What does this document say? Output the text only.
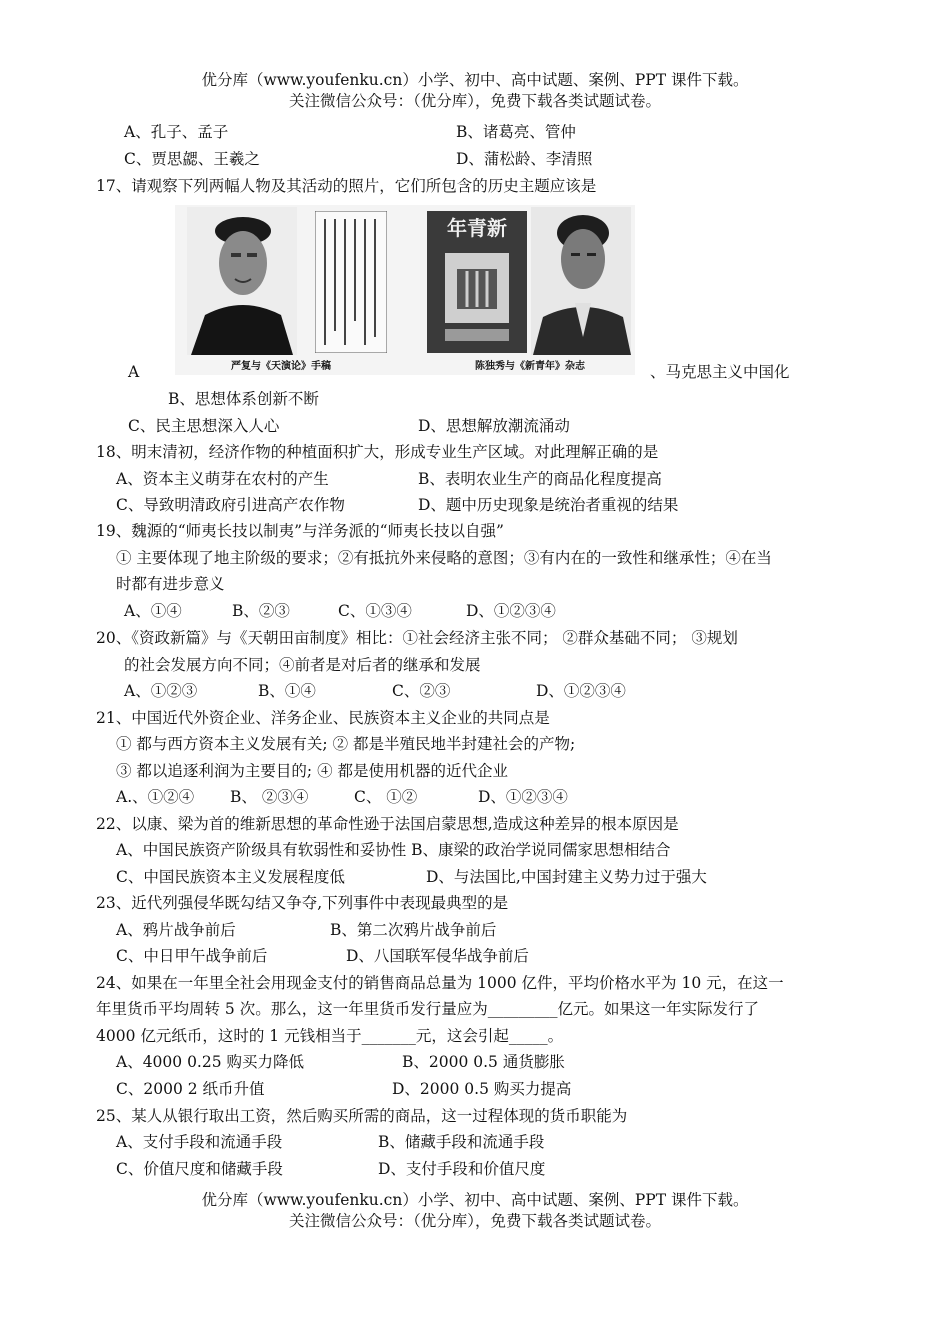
优分库（www.youfenku.cn）小学、初中、高中试题、案例、PPT 课件下载。
关注微信公众号：（优分库），免费下载各类试题试卷。
A、孔子、孟子	B、诸葛亮、管仲
C、贾思勰、王羲之	D、蒲松龄、李清照
17、请观察下列两幅人物及其活动的照片，它们所包含的历史主题应该是
年青新
严复与《天演论》手稿	陈独秀与《新青年》杂志
A	、马克思主义中国化
B、思想体系创新不断
C、民主思想深入人心	D、思想解放潮流涌动
18、明末清初，经济作物的种植面积扩大，形成专业生产区域。对此理解正确的是
A、资本主义萌芽在农村的产生	B、表明农业生产的商品化程度提高
C、导致明清政府引进高产农作物	D、题中历史现象是统治者重视的结果
19、魏源的“师夷长技以制夷”与洋务派的“师夷长技以自强”
① 主要体现了地主阶级的要求；②有抵抗外来侵略的意图；③有内在的一致性和继承性；④在当
时都有进步意义
A、①④	B、②③	C、①③④	D、①②③④
20、《资政新篇》与《天朝田亩制度》相比：①社会经济主张不同； ②群众基础不同； ③规划
的社会发展方向不同；④前者是对后者的继承和发展
A、①②③	B、①④	C、②③	D、①②③④
21、中国近代外资企业、洋务企业、民族资本主义企业的共同点是
① 都与西方资本主义发展有关; ② 都是半殖民地半封建社会的产物;
③ 都以追逐利润为主要目的; ④ 都是使用机器的近代企业
A.、①②④ B、 ②③④	C、 ①②	D、①②③④
22、以康、梁为首的维新思想的革命性逊于法国启蒙思想,造成这种差异的根本原因是
A、中国民族资产阶级具有软弱性和妥协性 B、康梁的政治学说同儒家思想相结合
C、中国民族资本主义发展程度低	D、与法国比,中国封建主义势力过于强大
23、近代列强侵华既勾结又争夺,下列事件中表现最典型的是
A、鸦片战争前后	B、第二次鸦片战争前后
C、中日甲午战争前后	D、八国联军侵华战争前后
24、如果在一年里全社会用现金支付的销售商品总量为 1000 亿件，平均价格水平为 10 元，在这一
年里货币平均周转 5 次。那么，这一年里货币发行量应为_________亿元。如果这一年实际发行了
4000 亿元纸币，这时的 1 元钱相当于_______元，这会引起_____。
A、4000 0.25 购买力降低	B、2000 0.5 通货膨胀
C、2000 2 纸币升值	D、2000 0.5 购买力提高
25、某人从银行取出工资，然后购买所需的商品，这一过程体现的货币职能为
A、支付手段和流通手段	B、储藏手段和流通手段
C、价值尺度和储藏手段	D、支付手段和价值尺度
优分库（www.youfenku.cn）小学、初中、高中试题、案例、PPT 课件下载。
关注微信公众号：（优分库），免费下载各类试题试卷。
